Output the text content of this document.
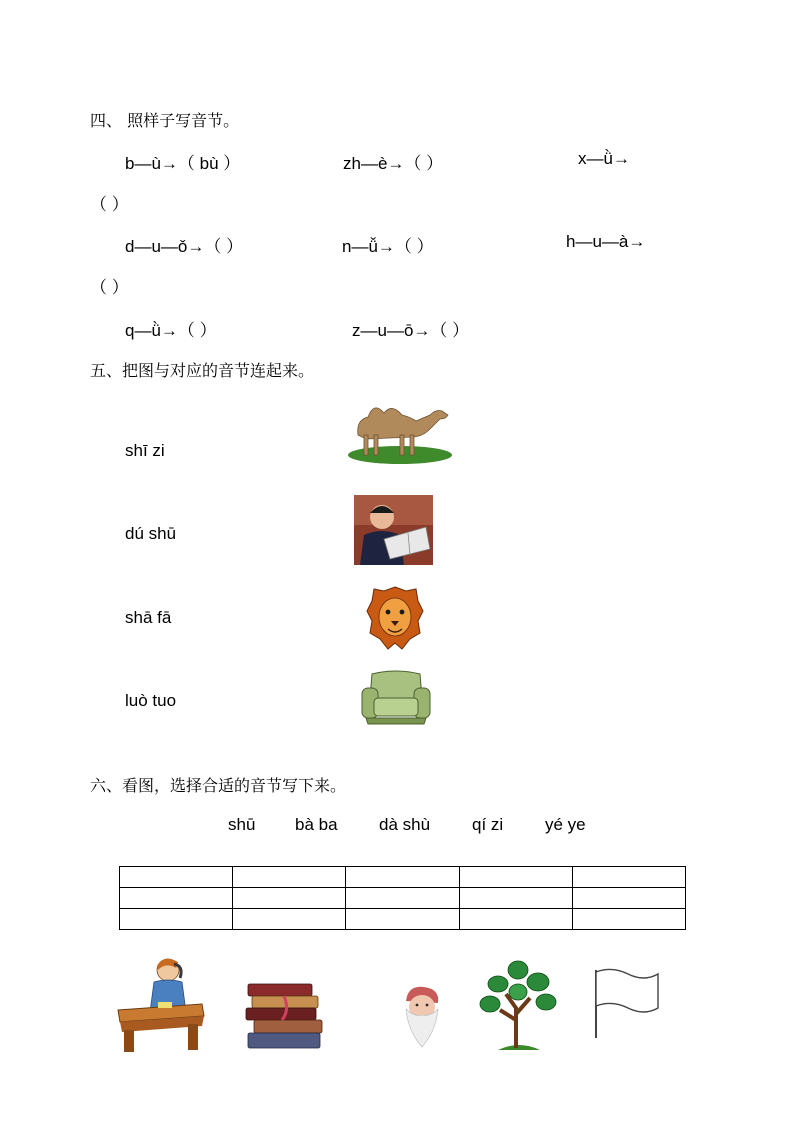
四、 照样子写音节。
b—ù→（ bù ）	zh—è→（ ）	x—ǜ→
（ ）
d—u—ǒ→（ ）	n—ǚ→（ ）	h—u—à→
（ ）
q—ǜ→（ ）	z—u—ō→（ ）
五、把图与对应的音节连起来。
shī zi
dú shū
shā fā
luò tuo
六、看图，选择合适的音节写下来。
shū bà ba dà shù qí zi yé ye
